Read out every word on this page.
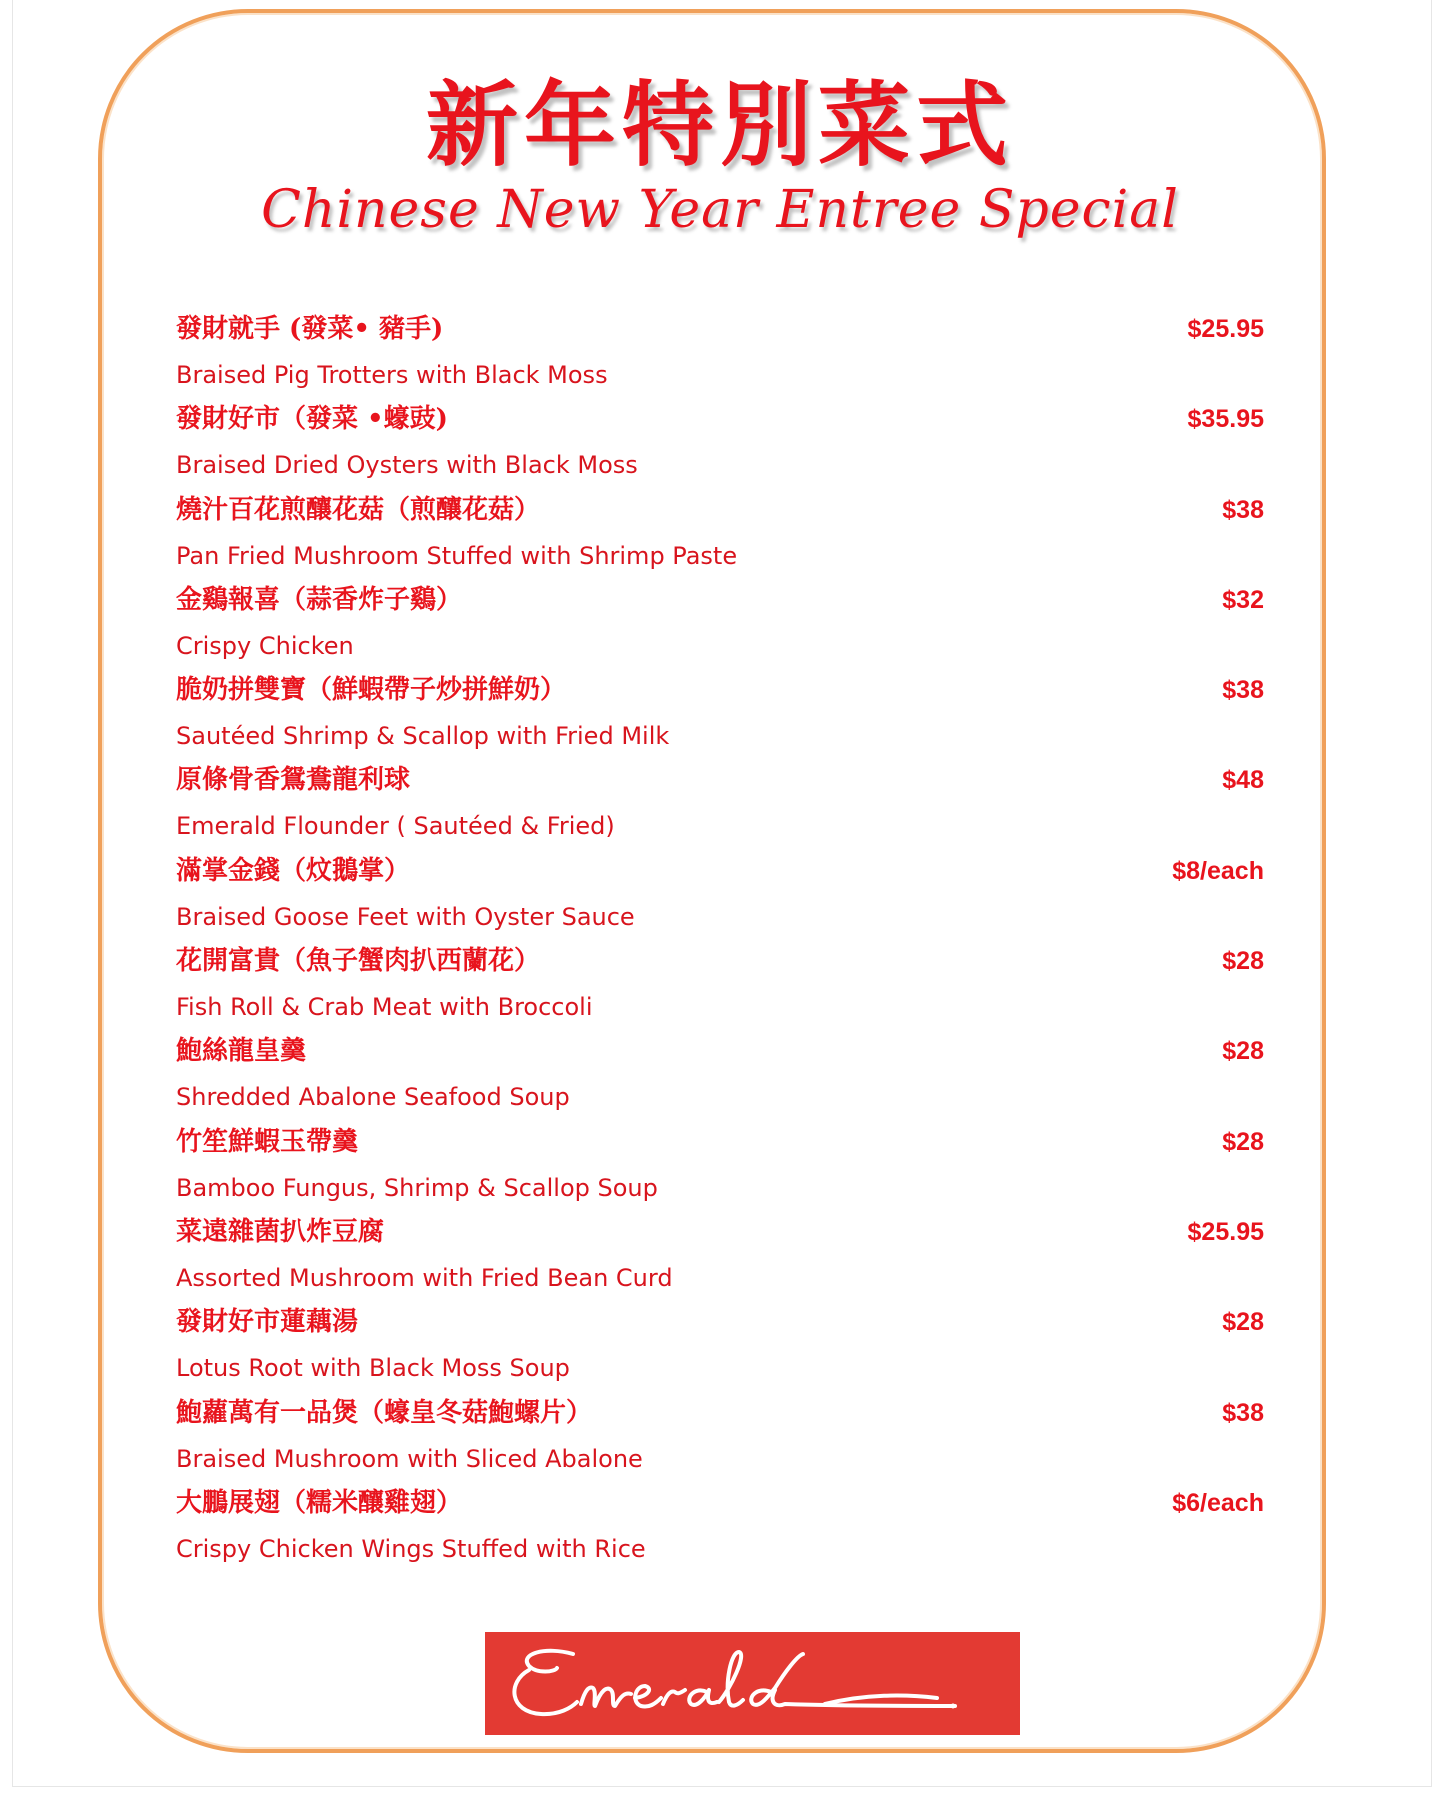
新年特別菜式
Chinese New Year Entree Special
發財就手 (發菜• 豬手)
Braised Pig Trotters with Black Moss
$25.95
發財好市（發菜 •蠔豉)
Braised Dried Oysters with Black Moss
$35.95
燒汁百花煎釀花菇（煎釀花菇）
Pan Fried Mushroom Stuffed with Shrimp Paste
$38
金鷄報喜（蒜香炸子鷄）
Crispy Chicken
$32
脆奶拼雙寶（鮮蝦帶子炒拼鮮奶）
Sautéed Shrimp & Scallop with Fried Milk
$38
原條骨香鴛鴦龍利球
Emerald Flounder ( Sautéed & Fried)
$48
滿掌金錢（炆鵝掌）
Braised Goose Feet with Oyster Sauce
$8/each
花開富貴（魚子蟹肉扒西蘭花）
Fish Roll & Crab Meat with Broccoli
$28
鮑絲龍皇羹
Shredded Abalone Seafood Soup
$28
竹笙鮮蝦玉帶羹
Bamboo Fungus, Shrimp & Scallop Soup
$28
菜遠雜菌扒炸豆腐
Assorted Mushroom with Fried Bean Curd
$25.95
發財好市蓮藕湯
Lotus Root with Black Moss Soup
$28
鮑蘿萬有一品煲（蠔皇冬菇鮑螺片）
Braised Mushroom with Sliced Abalone
$38
大鵬展翅（糯米釀雞翅）
Crispy Chicken Wings Stuffed with Rice
$6/each
